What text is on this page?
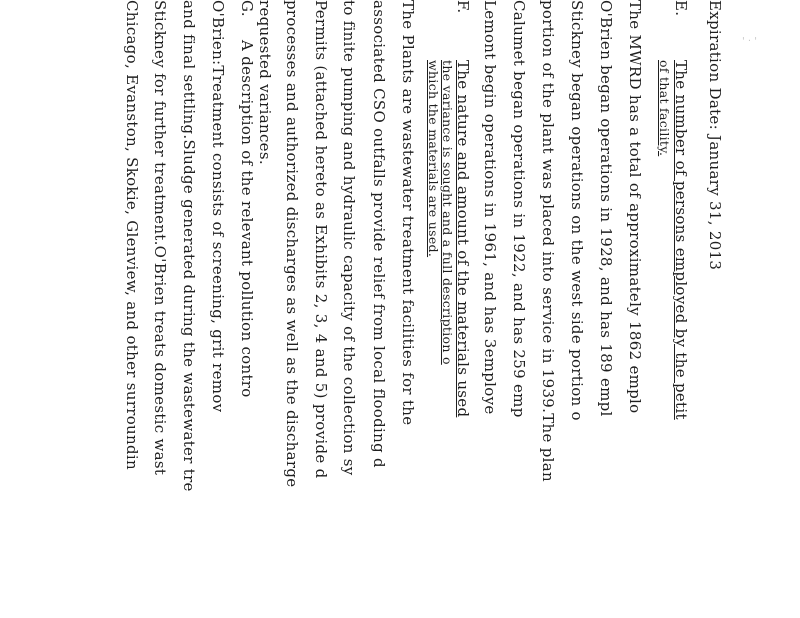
' · '
Expiration Date: January 31, 2013
E.
The number of persons employed by the petit
of that facility.
The MWRD has a total of approximately 1862 emplo
O'Brien began operations in 1928, and has 189 empl
Stickney began operations on the west side portion o
portion of the plant was placed into service in 1939.The plan
Calumet began operations in 1922, and has 259 emp
Lemont begin operations in 1961, and has 3employe
F.
The nature and amount of the materials used
the variance is sought and a full description o
which the materials are used.
The Plants are wastewater treatment facilities for the
associated CSO outfalls provide relief from local flooding d
to finite pumping and hydraulic capacity of the collection sy
Permits (attached hereto as Exhibits 2, 3, 4 and 5) provide d
processes and authorized discharges as well as the discharge
requested variances.
G.
A description of the relevant pollution contro
O'Brien:Treatment consists of screening, grit remov
and final settling.Sludge generated during the wastewater tre
Stickney for further treatment.O'Brien treats domestic wast
Chicago, Evanston, Skokie, Glenview, and other surroundin
